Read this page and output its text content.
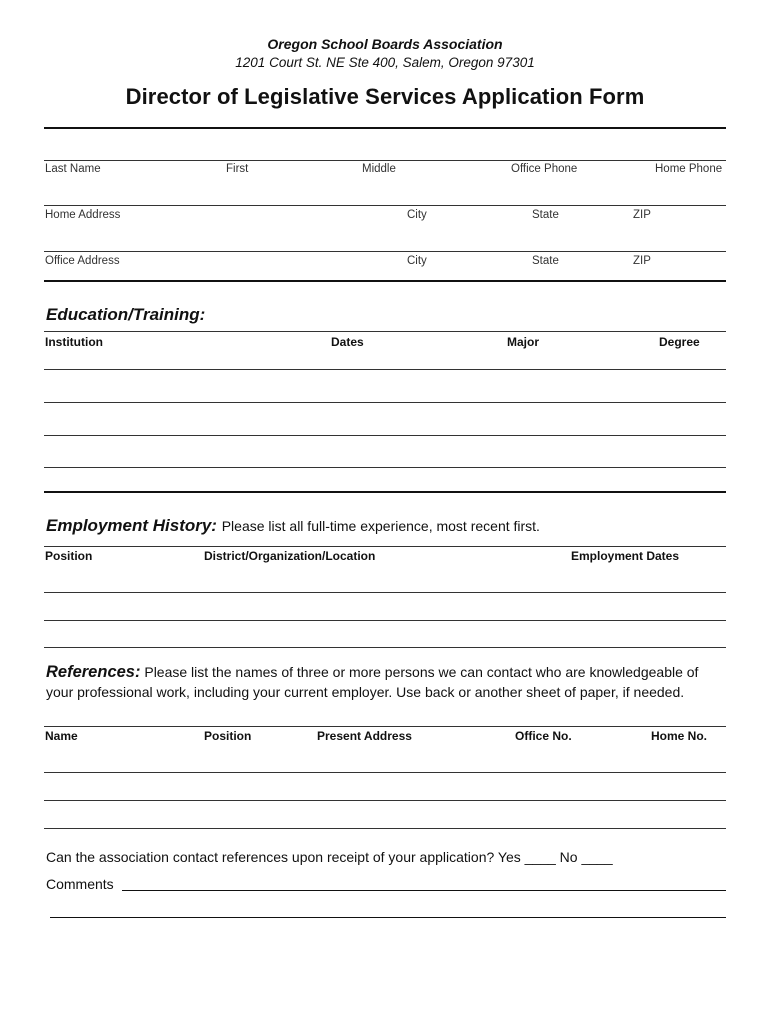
Oregon School Boards Association
1201 Court St. NE Ste 400, Salem, Oregon 97301
Director of Legislative Services Application Form
Last Name	First	Middle	Office Phone	Home Phone
Home Address	City	State	ZIP
Office Address	City	State	ZIP
Education/Training:
Institution	Dates	Major	Degree
Employment History: Please list all full-time experience, most recent first.
Position	District/Organization/Location	Employment Dates
References: Please list the names of three or more persons we can contact who are knowledgeable of your professional work, including your current employer. Use back or another sheet of paper, if needed.
Name	Position	Present Address	Office No.	Home No.
Can the association contact references upon receipt of your application? Yes ____ No ____
Comments
